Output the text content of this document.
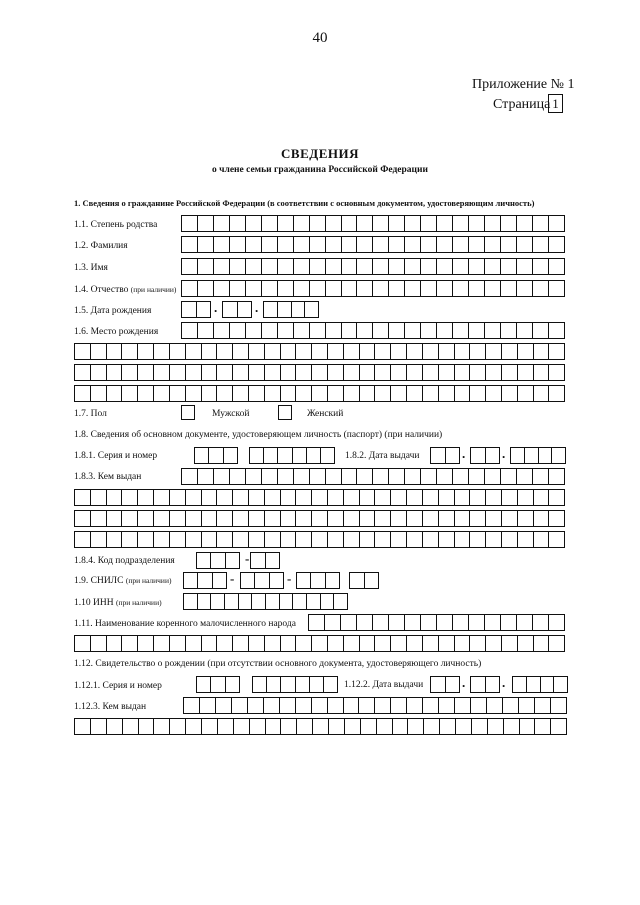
40
Приложение № 1
Страница 1
СВЕДЕНИЯ
о члене семьи гражданина Российской Федерации
1. Сведения о гражданине Российской Федерации (в соответствии с основным документом, удостоверяющим личность)
1.1. Степень родства
1.2. Фамилия
1.3. Имя
1.4. Отчество (при наличии)
1.5. Дата рождения	.	.
1.6. Место рождения
1.7. Пол	Мужской	Женский
1.8. Сведения об основном документе, удостоверяющем личность (паспорт) (при наличии)
1.8.1. Серия и номер	1.8.2. Дата выдачи	.	.
1.8.3. Кем выдан
1.8.4. Код подразделения	-
1.9. СНИЛС (при наличии)	-	-
1.10 ИНН (при наличии)
1.11. Наименование коренного малочисленного народа
1.12. Свидетельство о рождении (при отсутствии основного документа, удостоверяющего личность)
1.12.1. Серия и номер	1.12.2. Дата выдачи	.	.
1.12.3. Кем выдан
